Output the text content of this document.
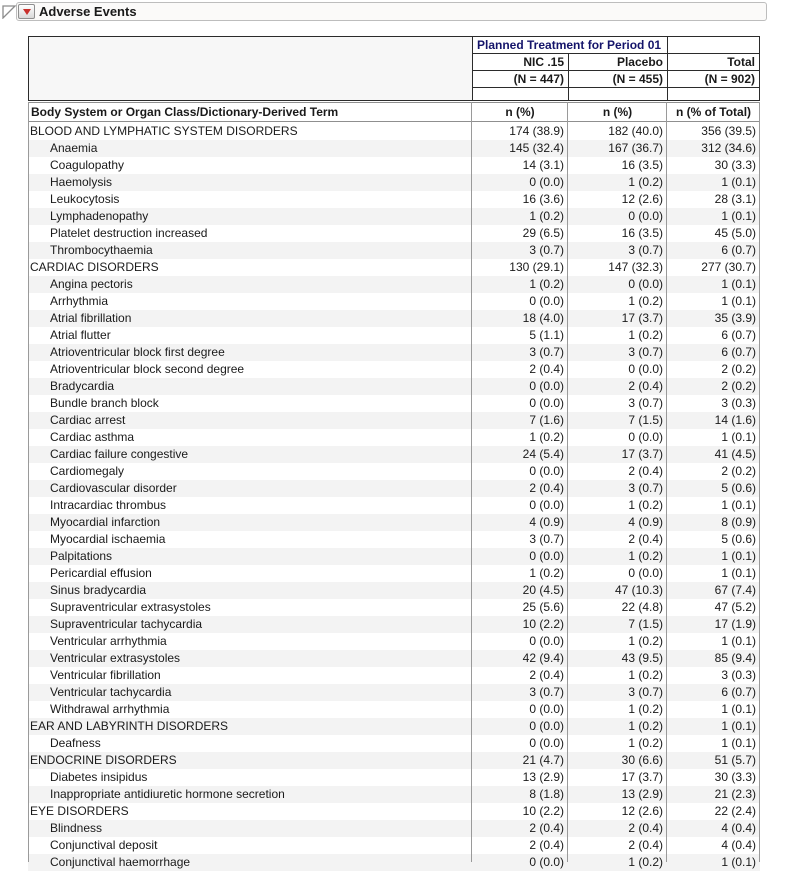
Adverse Events
Planned Treatment for Period 01
NIC .15	Placebo	Total
(N = 447)	(N = 455)	(N = 902)
Body System or Organ Class/Dictionary-Derived Term	n (%)	n (%)	n (% of Total)
BLOOD AND LYMPHATIC SYSTEM DISORDERS	174 (38.9)	182 (40.0)	356 (39.5)
Anaemia	145 (32.4)	167 (36.7)	312 (34.6)
Coagulopathy	14 (3.1)	16 (3.5)	30 (3.3)
Haemolysis	0 (0.0)	1 (0.2)	1 (0.1)
Leukocytosis	16 (3.6)	12 (2.6)	28 (3.1)
Lymphadenopathy	1 (0.2)	0 (0.0)	1 (0.1)
Platelet destruction increased	29 (6.5)	16 (3.5)	45 (5.0)
Thrombocythaemia	3 (0.7)	3 (0.7)	6 (0.7)
CARDIAC DISORDERS	130 (29.1)	147 (32.3)	277 (30.7)
Angina pectoris	1 (0.2)	0 (0.0)	1 (0.1)
Arrhythmia	0 (0.0)	1 (0.2)	1 (0.1)
Atrial fibrillation	18 (4.0)	17 (3.7)	35 (3.9)
Atrial flutter	5 (1.1)	1 (0.2)	6 (0.7)
Atrioventricular block first degree	3 (0.7)	3 (0.7)	6 (0.7)
Atrioventricular block second degree	2 (0.4)	0 (0.0)	2 (0.2)
Bradycardia	0 (0.0)	2 (0.4)	2 (0.2)
Bundle branch block	0 (0.0)	3 (0.7)	3 (0.3)
Cardiac arrest	7 (1.6)	7 (1.5)	14 (1.6)
Cardiac asthma	1 (0.2)	0 (0.0)	1 (0.1)
Cardiac failure congestive	24 (5.4)	17 (3.7)	41 (4.5)
Cardiomegaly	0 (0.0)	2 (0.4)	2 (0.2)
Cardiovascular disorder	2 (0.4)	3 (0.7)	5 (0.6)
Intracardiac thrombus	0 (0.0)	1 (0.2)	1 (0.1)
Myocardial infarction	4 (0.9)	4 (0.9)	8 (0.9)
Myocardial ischaemia	3 (0.7)	2 (0.4)	5 (0.6)
Palpitations	0 (0.0)	1 (0.2)	1 (0.1)
Pericardial effusion	1 (0.2)	0 (0.0)	1 (0.1)
Sinus bradycardia	20 (4.5)	47 (10.3)	67 (7.4)
Supraventricular extrasystoles	25 (5.6)	22 (4.8)	47 (5.2)
Supraventricular tachycardia	10 (2.2)	7 (1.5)	17 (1.9)
Ventricular arrhythmia	0 (0.0)	1 (0.2)	1 (0.1)
Ventricular extrasystoles	42 (9.4)	43 (9.5)	85 (9.4)
Ventricular fibrillation	2 (0.4)	1 (0.2)	3 (0.3)
Ventricular tachycardia	3 (0.7)	3 (0.7)	6 (0.7)
Withdrawal arrhythmia	0 (0.0)	1 (0.2)	1 (0.1)
EAR AND LABYRINTH DISORDERS	0 (0.0)	1 (0.2)	1 (0.1)
Deafness	0 (0.0)	1 (0.2)	1 (0.1)
ENDOCRINE DISORDERS	21 (4.7)	30 (6.6)	51 (5.7)
Diabetes insipidus	13 (2.9)	17 (3.7)	30 (3.3)
Inappropriate antidiuretic hormone secretion	8 (1.8)	13 (2.9)	21 (2.3)
EYE DISORDERS	10 (2.2)	12 (2.6)	22 (2.4)
Blindness	2 (0.4)	2 (0.4)	4 (0.4)
Conjunctival deposit	2 (0.4)	2 (0.4)	4 (0.4)
Conjunctival haemorrhage	0 (0.0)	1 (0.2)	1 (0.1)
